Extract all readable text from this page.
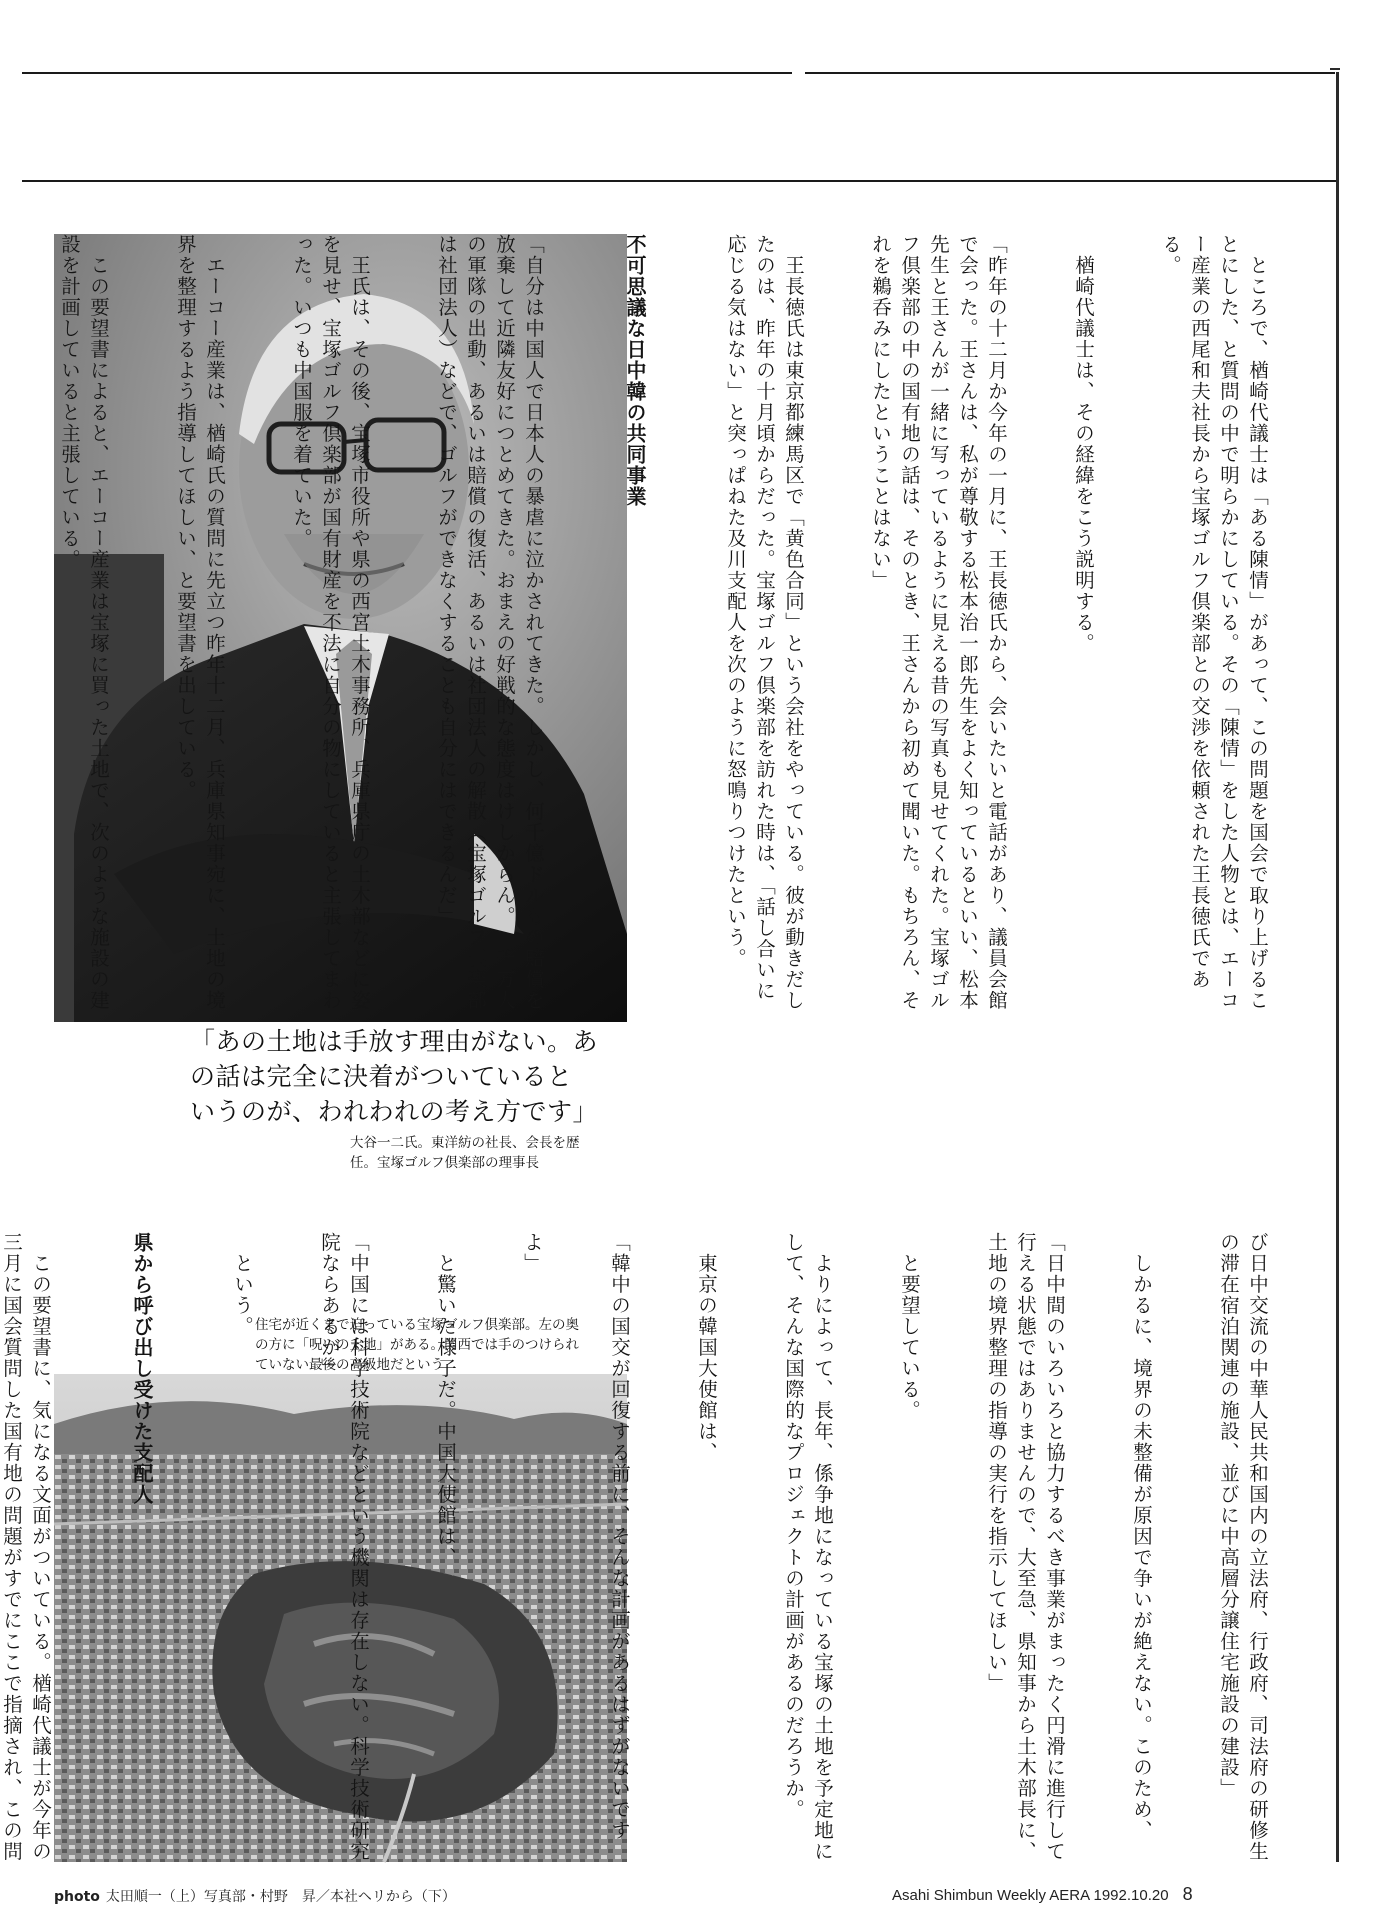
「あの土地は手放す理由がない。あ
の話は完全に決着がついていると
いうのが、われわれの考え方です」
大谷一二氏。東洋紡の社長、会長を歴
任。宝塚ゴルフ倶楽部の理事長
住宅が近くまで迫っている宝塚ゴルフ倶楽部。左の奥
の方に「呪いの土地」がある。関西では手のつけられ
ていない最後の高級地だという

　ところで、楢崎代議士は「ある陳情」があって、この問題を国会で取り上げることにした、と質問の中で明らかにしている。その「陳情」をした人物とは、エーコー産業の西尾和夫社長から宝塚ゴルフ倶楽部との交渉を依頼された王長徳氏である。

　楢崎代議士は、その経緯をこう説明する。

「昨年の十二月か今年の一月に、王長徳氏から、会いたいと電話があり、議員会館で会った。王さんは、私が尊敬する松本治一郎先生をよく知っているといい、松本先生と王さんが一緒に写っているように見える昔の写真も見せてくれた。宝塚ゴルフ倶楽部の中の国有地の話は、そのとき、王さんから初めて聞いた。もちろん、それを鵜呑みにしたということはない」

　王長徳氏は東京都練馬区で「黄色合同」という会社をやっている。彼が動きだしたのは、昨年の十月頃からだった。宝塚ゴルフ倶楽部を訪れた時は、「話し合いに応じる気はない」と突っぱねた及川支配人を次のように怒鳴りつけたという。

不可思議な日中韓の共同事業

「自分は中国人で日本人の暴虐に泣かされてきた。しかし、何千億ドルもの賠償を放棄して近隣友好につとめてきた。おまえの好戦的な態度はけしからん。一千万人の軍隊の出動、あるいは賠償の復活、あるいは社団法人の解散（宝塚ゴルフ倶楽部は社団法人）などで、ゴルフができなくすることも自分にはできるんだ」

　王氏は、その後、宝塚市役所や県の西宮土木事務所、兵庫県庁の土木部などに姿を見せ、宝塚ゴルフ倶楽部が国有財産を不法に自分の物にしていると主張してまわった。いつも中国服を着ていた。

　エーコー産業は、楢崎氏の質問に先立つ昨年十二月、兵庫県知事宛に、土地の境界を整理するよう指導してほしい、と要望書を出している。

　この要望書によると、エーコー産業は宝塚に買った土地で、次のような施設の建設を計画していると主張している。

び日中交流の中華人民共和国内の立法府、行政府、司法府の研修生の滞在宿泊関連の施設、並びに中高層分譲住宅施設の建設」

　しかるに、境界の未整備が原因で争いが絶えない。このため、

「日中間のいろいろと協力するべき事業がまったく円滑に進行して行える状態ではありませんので、大至急、県知事から土木部長に、土地の境界整理の指導の実行を指示してほしい」

　と要望している。

　よりによって、長年、係争地になっている宝塚の土地を予定地にして、そんな国際的なプロジェクトの計画があるのだろうか。

　東京の韓国大使館は、

「韓中の国交が回復する前に、そんな計画があるはずがないです

よ」

　と驚いた様子だ。中国大使館は、

「中国には科学技術院などという機関は存在しない。科学技術研究院ならあるが」

　という。

県から呼び出し受けた支配人

　この要望書に、気になる文面がついている。楢崎代議士が今年の三月に国会質問した国有地の問題がすでにここで指摘され、この問

photo 太田順一（上）写真部・村野　昇／本社ヘリから（下）	Asahi Shimbun Weekly AERA 1992.10.20 8
